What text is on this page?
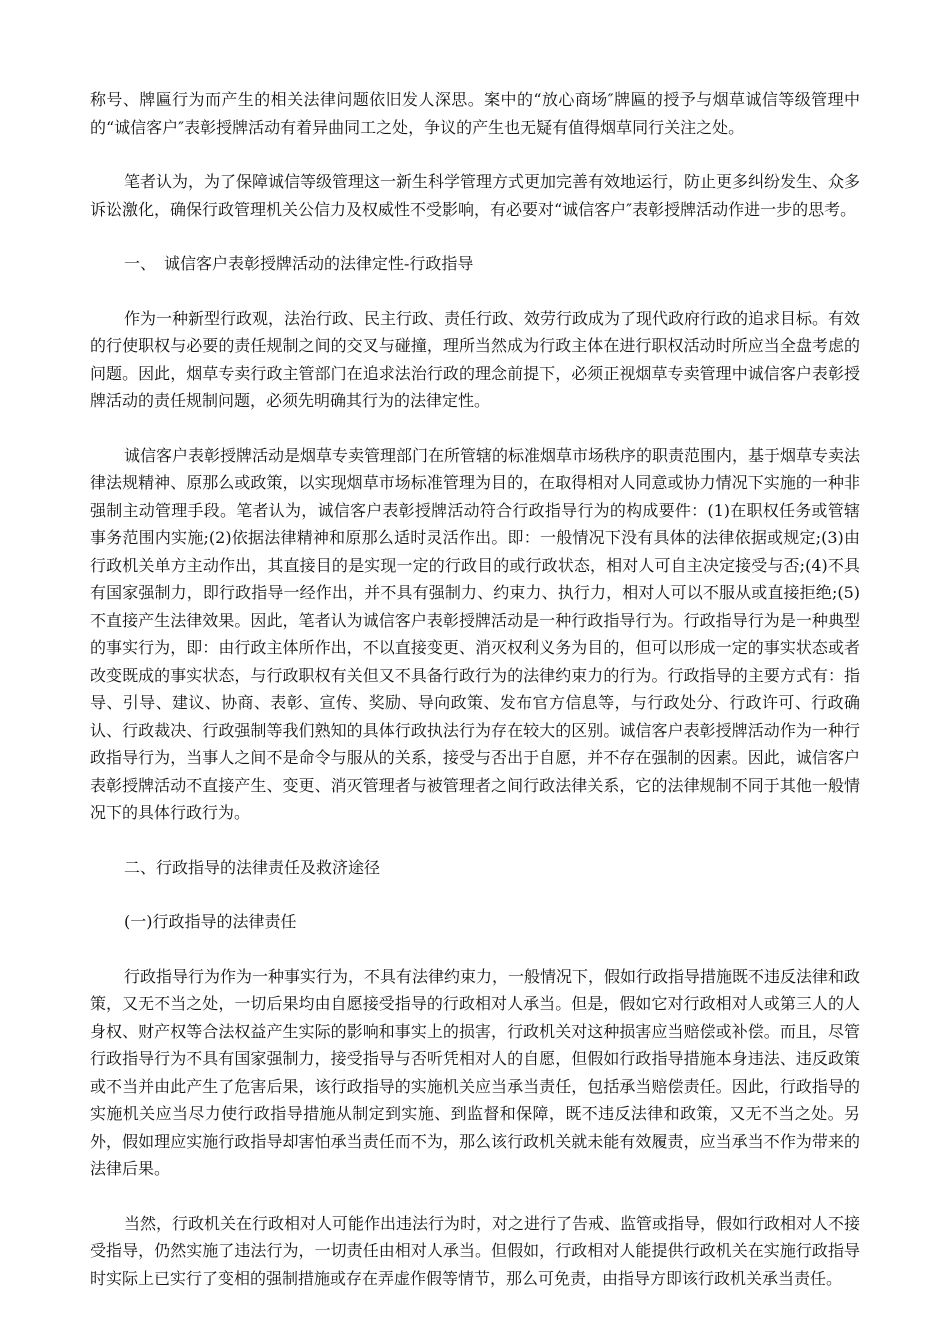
称号、牌匾行为而产生的相关法律问题依旧发人深思。案中的“放心商场″牌匾的授予与烟草诚信等级管理中的“诚信客户″表彰授牌活动有着异曲同工之处，争议的产生也无疑有值得烟草同行关注之处。

笔者认为，为了保障诚信等级管理这一新生科学管理方式更加完善有效地运行，防止更多纠纷发生、众多诉讼激化，确保行政管理机关公信力及权威性不受影响，有必要对“诚信客户″表彰授牌活动作进一步的思考。

一、　诚信客户表彰授牌活动的法律定性-行政指导

作为一种新型行政观，法治行政、民主行政、责任行政、效劳行政成为了现代政府行政的追求目标。有效的行使职权与必要的责任规制之间的交叉与碰撞，理所当然成为行政主体在进行职权活动时所应当全盘考虑的问题。因此，烟草专卖行政主管部门在追求法治行政的理念前提下，必须正视烟草专卖管理中诚信客户表彰授牌活动的责任规制问题，必须先明确其行为的法律定性。

诚信客户表彰授牌活动是烟草专卖管理部门在所管辖的标准烟草市场秩序的职责范围内，基于烟草专卖法律法规精神、原那么或政策，以实现烟草市场标准管理为目的，在取得相对人同意或协力情况下实施的一种非强制主动管理手段。笔者认为，诚信客户表彰授牌活动符合行政指导行为的构成要件：(1)在职权任务或管辖事务范围内实施;(2)依据法律精神和原那么适时灵活作出。即：一般情况下没有具体的法律依据或规定;(3)由行政机关单方主动作出，其直接目的是实现一定的行政目的或行政状态，相对人可自主决定接受与否;(4)不具有国家强制力，即行政指导一经作出，并不具有强制力、约束力、执行力，相对人可以不服从或直接拒绝;(5)不直接产生法律效果。因此，笔者认为诚信客户表彰授牌活动是一种行政指导行为。行政指导行为是一种典型的事实行为，即：由行政主体所作出，不以直接变更、消灭权利义务为目的，但可以形成一定的事实状态或者改变既成的事实状态，与行政职权有关但又不具备行政行为的法律约束力的行为。行政指导的主要方式有：指导、引导、建议、协商、表彰、宣传、奖励、导向政策、发布官方信息等，与行政处分、行政许可、行政确认、行政裁决、行政强制等我们熟知的具体行政执法行为存在较大的区别。诚信客户表彰授牌活动作为一种行政指导行为，当事人之间不是命令与服从的关系，接受与否出于自愿，并不存在强制的因素。因此，诚信客户表彰授牌活动不直接产生、变更、消灭管理者与被管理者之间行政法律关系，它的法律规制不同于其他一般情况下的具体行政行为。

二、行政指导的法律责任及救济途径

(一)行政指导的法律责任

行政指导行为作为一种事实行为，不具有法律约束力，一般情况下，假如行政指导措施既不违反法律和政策，又无不当之处，一切后果均由自愿接受指导的行政相对人承当。但是，假如它对行政相对人或第三人的人身权、财产权等合法权益产生实际的影响和事实上的损害，行政机关对这种损害应当赔偿或补偿。而且，尽管行政指导行为不具有国家强制力，接受指导与否听凭相对人的自愿，但假如行政指导措施本身违法、违反政策或不当并由此产生了危害后果，该行政指导的实施机关应当承当责任，包括承当赔偿责任。因此，行政指导的实施机关应当尽力使行政指导措施从制定到实施、到监督和保障，既不违反法律和政策，又无不当之处。另外，假如理应实施行政指导却害怕承当责任而不为，那么该行政机关就未能有效履责，应当承当不作为带来的法律后果。

当然，行政机关在行政相对人可能作出违法行为时，对之进行了告戒、监管或指导，假如行政相对人不接受指导，仍然实施了违法行为，一切责任由相对人承当。但假如，行政相对人能提供行政机关在实施行政指导时实际上已实行了变相的强制措施或存在弄虚作假等情节，那么可免责，由指导方即该行政机关承当责任。
